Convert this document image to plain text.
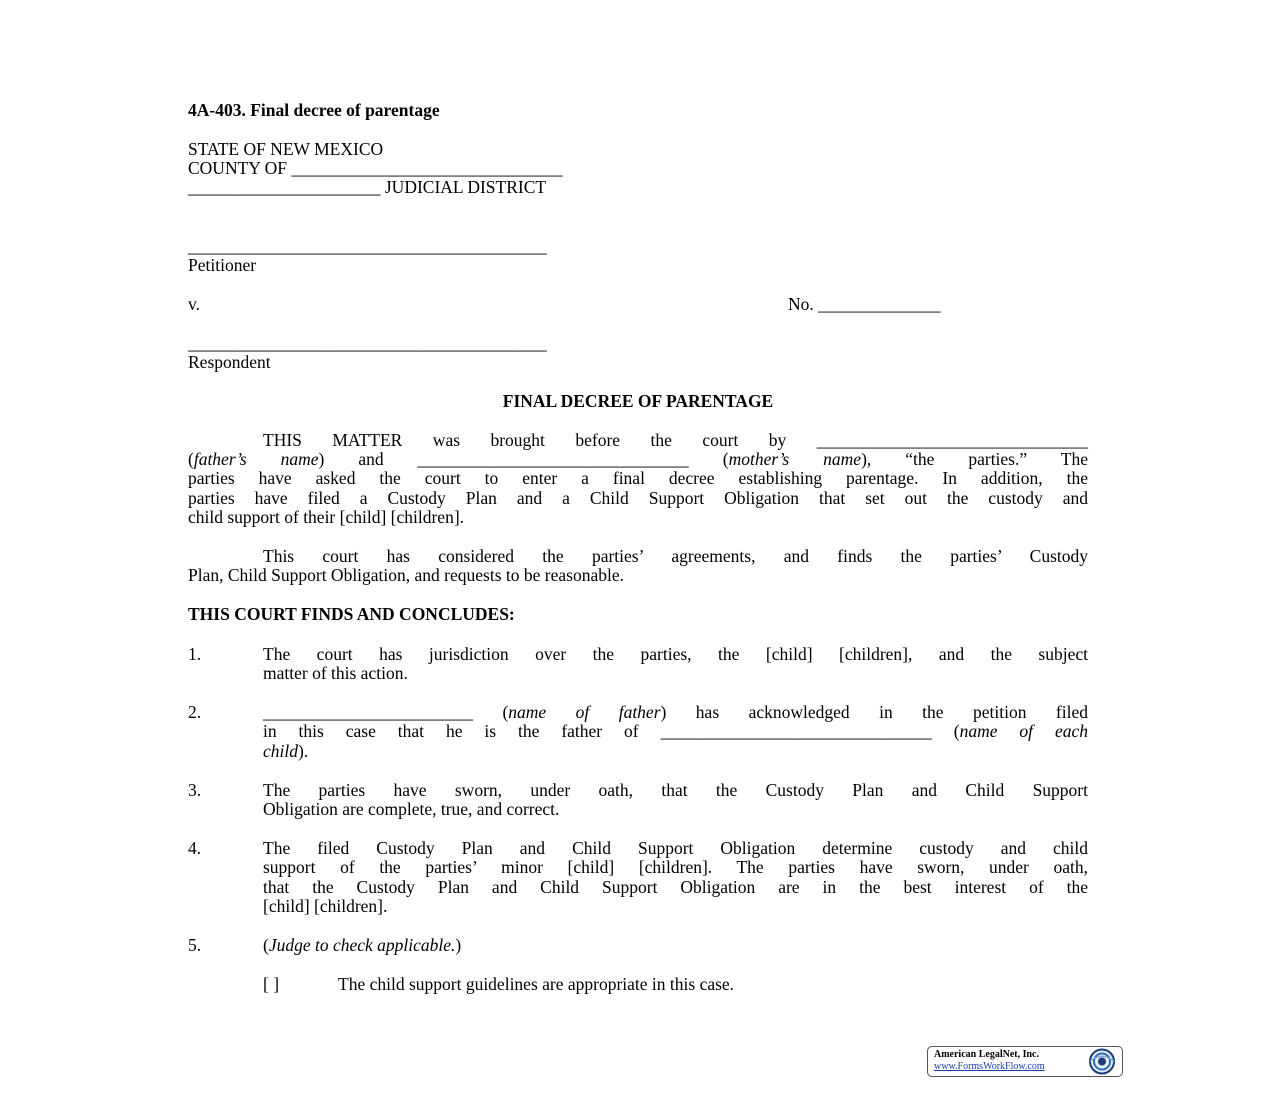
4A-403. Final decree of parentage
STATE OF NEW MEXICO
COUNTY OF _______________________________
______________________ JUDICIAL DISTRICT
_________________________________________
Petitioner
v.	No. ______________
_________________________________________
Respondent
FINAL DECREE OF PARENTAGE
THIS MATTER was brought before the court by _______________________________
(father’s name) and _______________________________ (mother’s name), “the parties.” The
parties have asked the court to enter a final decree establishing parentage. In addition, the
parties have filed a Custody Plan and a Child Support Obligation that set out the custody and
child support of their [child] [children].
This court has considered the parties’ agreements, and finds the parties’ Custody
Plan, Child Support Obligation, and requests to be reasonable.
THIS COURT FINDS AND CONCLUDES:
1.	The court has jurisdiction over the parties, the [child] [children], and the subject
matter of this action.
2.	________________________ (name of father) has acknowledged in the petition filed
in this case that he is the father of _______________________________ (name of each
child).
3.	The parties have sworn, under oath, that the Custody Plan and Child Support
Obligation are complete, true, and correct.
4.	The filed Custody Plan and Child Support Obligation determine custody and child
support of the parties’ minor [child] [children]. The parties have sworn, under oath,
that the Custody Plan and Child Support Obligation are in the best interest of the
[child] [children].
5.	(Judge to check applicable.)
[ ]	The child support guidelines are appropriate in this case.
American LegalNet, Inc.
www.FormsWorkFlow.com
